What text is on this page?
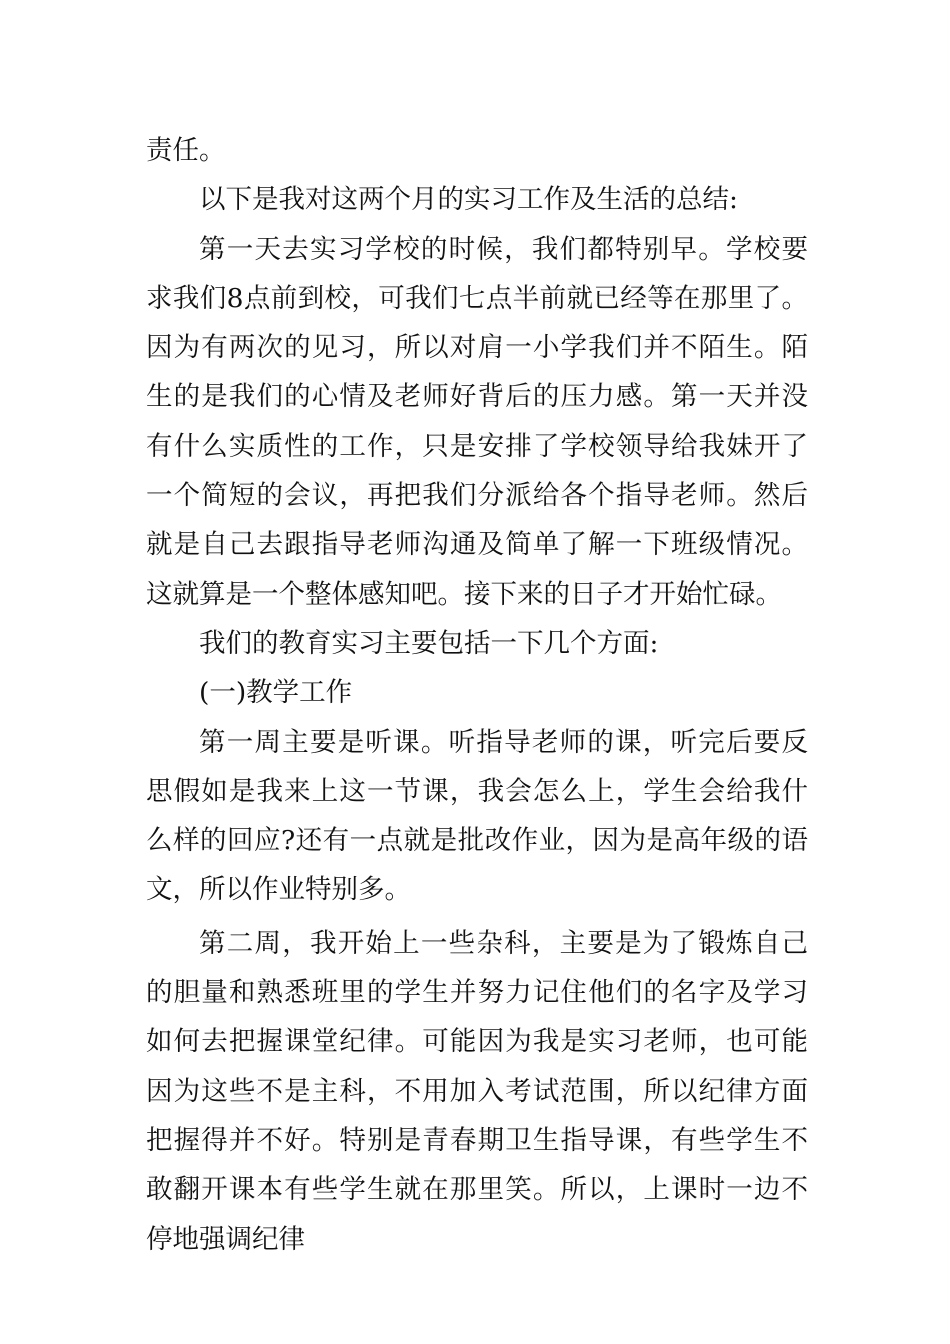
责任。

以下是我对这两个月的实习工作及生活的总结:

第一天去实习学校的时候，我们都特别早。学校要求我们8点前到校，可我们七点半前就已经等在那里了。因为有两次的见习，所以对肩一小学我们并不陌生。陌生的是我们的心情及老师好背后的压力感。第一天并没有什么实质性的工作，只是安排了学校领导给我妹开了一个简短的会议，再把我们分派给各个指导老师。然后就是自己去跟指导老师沟通及简单了解一下班级情况。这就算是一个整体感知吧。接下来的日子才开始忙碌。

我们的教育实习主要包括一下几个方面:

(一)教学工作

第一周主要是听课。听指导老师的课，听完后要反思假如是我来上这一节课，我会怎么上，学生会给我什么样的回应?还有一点就是批改作业，因为是高年级的语文，所以作业特别多。

第二周，我开始上一些杂科，主要是为了锻炼自己的胆量和熟悉班里的学生并努力记住他们的名字及学习如何去把握课堂纪律。可能因为我是实习老师，也可能因为这些不是主科，不用加入考试范围，所以纪律方面把握得并不好。特别是青春期卫生指导课，有些学生不敢翻开课本有些学生就在那里笑。所以，上课时一边不停地强调纪律
